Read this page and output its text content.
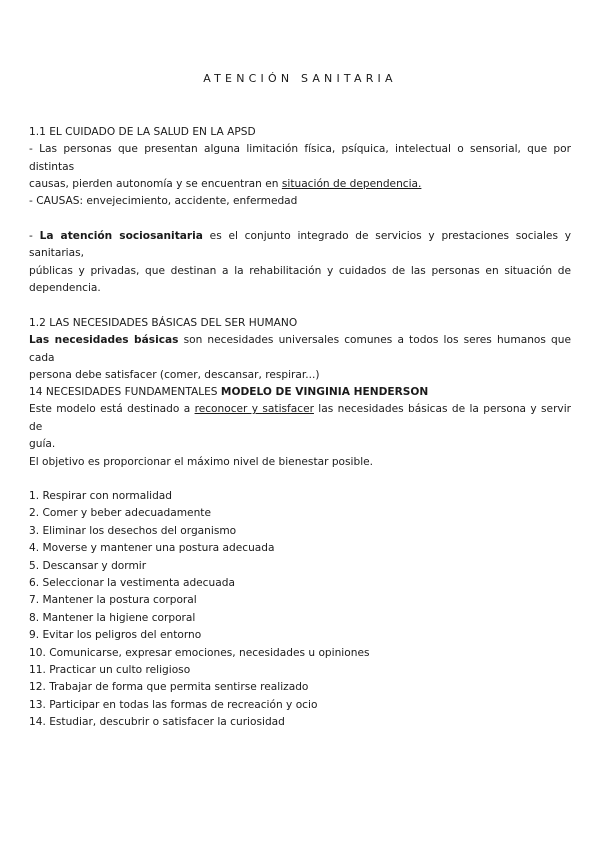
ATENCIÓN SANITARIA
1.1 EL CUIDADO DE LA SALUD EN LA APSD
- Las personas que presentan alguna limitación física, psíquica, intelectual o sensorial, que por distintas
causas, pierden autonomía y se encuentran en situación de dependencia.
- CAUSAS: envejecimiento, accidente, enfermedad
- La atención sociosanitaria es el conjunto integrado de servicios y prestaciones sociales y sanitarias,
públicas y privadas, que destinan a la rehabilitación y cuidados de las personas en situación de
dependencia.
1.2 LAS NECESIDADES BÁSICAS DEL SER HUMANO
Las necesidades básicas son necesidades universales comunes a todos los seres humanos que cada
persona debe satisfacer (comer, descansar, respirar...)
14 NECESIDADES FUNDAMENTALES MODELO DE VINGINIA HENDERSON
Este modelo está destinado a reconocer y satisfacer las necesidades básicas de la persona y servir de
guía.
El objetivo es proporcionar el máximo nivel de bienestar posible.
1. Respirar con normalidad
2. Comer y beber adecuadamente
3. Eliminar los desechos del organismo
4. Moverse y mantener una postura adecuada
5. Descansar y dormir
6. Seleccionar la vestimenta adecuada
7. Mantener la postura corporal
8. Mantener la higiene corporal
9. Evitar los peligros del entorno
10. Comunicarse, expresar emociones, necesidades u opiniones
11. Practicar un culto religioso
12. Trabajar de forma que permita sentirse realizado
13. Participar en todas las formas de recreación y ocio
14. Estudiar, descubrir o satisfacer la curiosidad
